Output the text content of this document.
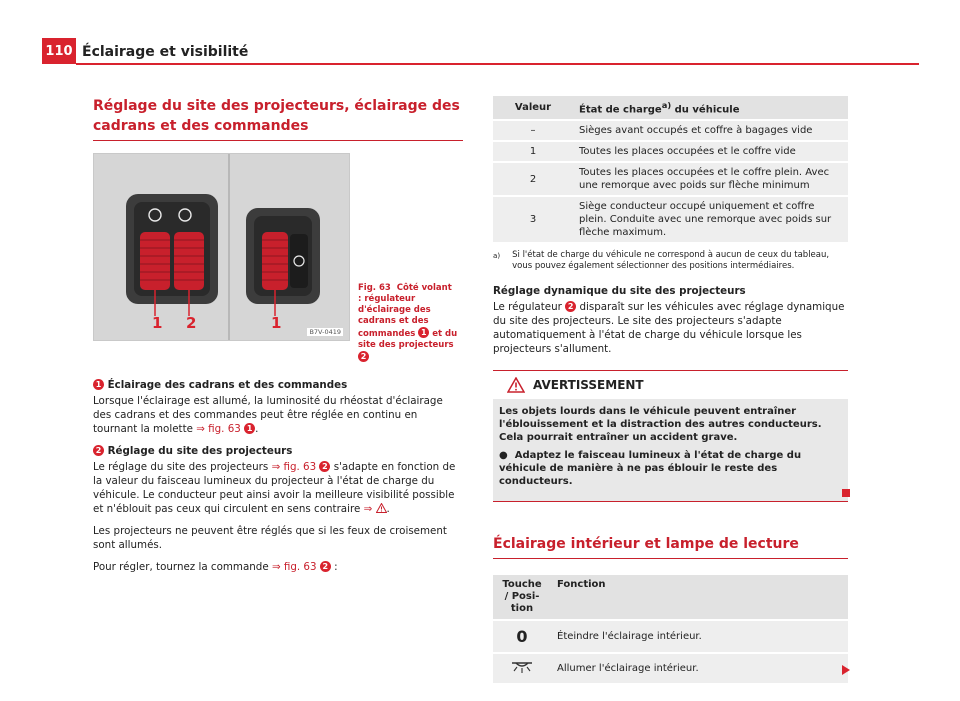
110 Éclairage et visibilité
Réglage du site des projecteurs, éclairage des cadrans et des commandes
1 2	1	B7V-0419
Fig. 63 Côté volant : régulateur d'éclairage des cadrans et des commandes 1 et du site des projecteurs 2

1 Éclairage des cadrans et des commandes

Lorsque l'éclairage est allumé, la luminosité du rhéostat d'éclairage des cadrans et des commandes peut être réglée en continu en tournant la molette ⇒ fig. 63 1 .

2 Réglage du site des projecteurs

Le réglage du site des projecteurs ⇒ fig. 63 2 s'adapte en fonction de la valeur du faisceau lumineux du projecteur à l'état de charge du véhicule. Le conducteur peut ainsi avoir la meilleure visibilité possible et n'éblouit pas ceux qui circulent en sens contraire ⇒ .

Les projecteurs ne peuvent être réglés que si les feux de croisement sont allumés.

Pour régler, tournez la commande ⇒ fig. 63 2 :

Valeur	État de charge$^{a)}$ du véhicule
–	Sièges avant occupés et coffre à bagages vide
1	Toutes les places occupées et le coffre vide
2	Toutes les places occupées et le coffre plein. Avec une remorque avec poids sur flèche minimum
3	Siège conducteur occupé uniquement et coffre plein. Conduite avec une remorque avec poids sur flèche maximum.
a) Si l'état de charge du véhicule ne correspond à aucun de ceux du tableau, vous pouvez également sélectionner des positions intermédiaires.

Réglage dynamique du site des projecteurs

Le régulateur 2 disparaît sur les véhicules avec réglage dynamique du site des projecteurs. Le site des projecteurs s'adapte automatiquement à l'état de charge du véhicule lorsque les projecteurs s'allument.

AVERTISSEMENT

Les objets lourds dans le véhicule peuvent entraîner l'éblouissement et la distraction des autres conducteurs. Cela pourrait entraîner un accident grave.

●  Adaptez le faisceau lumineux à l'état de charge du véhicule de manière à ne pas éblouir le reste des conducteurs.

Éclairage intérieur et lampe de lecture
Touche / Position	Fonction
0	Éteindre l'éclairage intérieur.
	Allumer l'éclairage intérieur.
